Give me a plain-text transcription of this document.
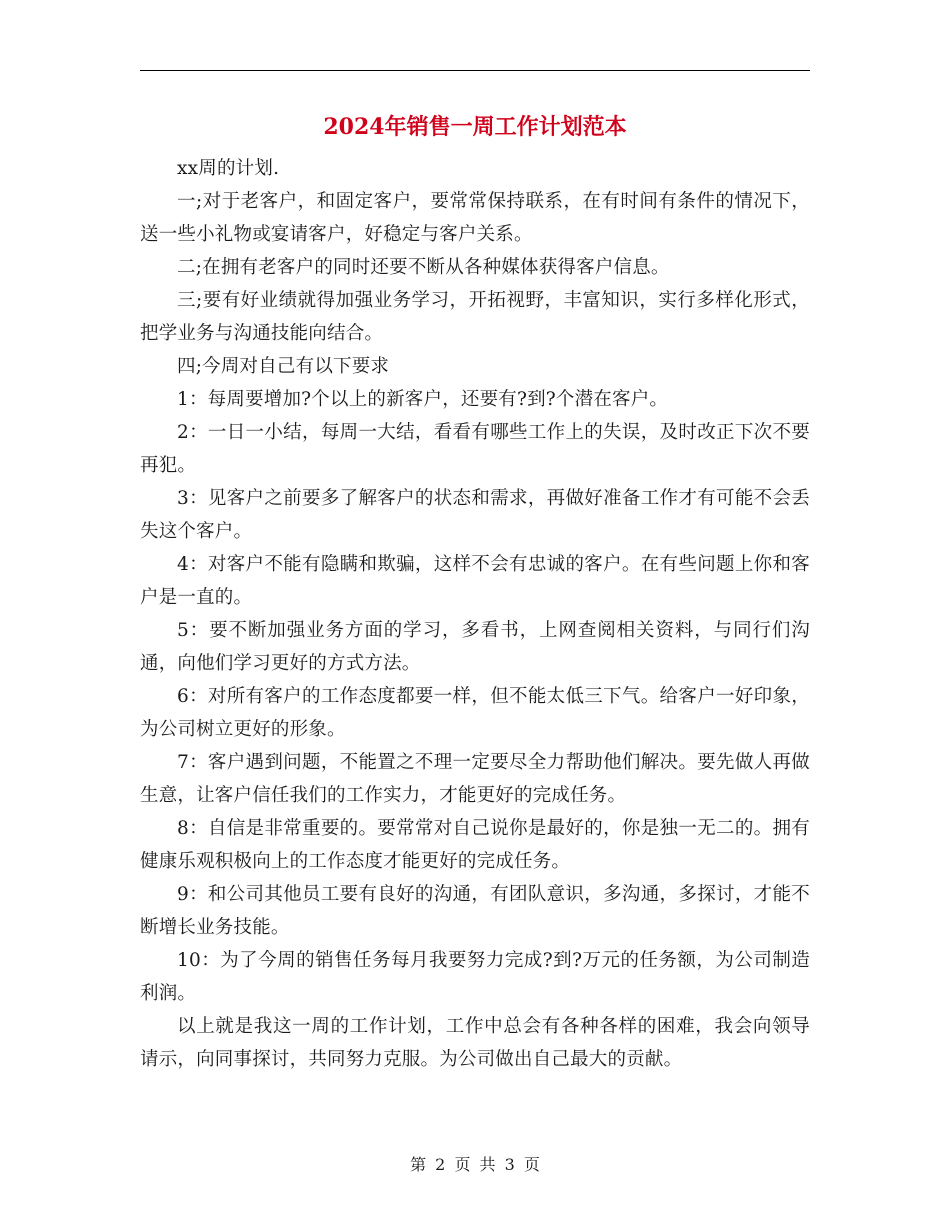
2024年销售一周工作计划范本

xx周的计划.

一;对于老客户，和固定客户，要常常保持联系，在有时间有条件的情况下，送一些小礼物或宴请客户，好稳定与客户关系。

二;在拥有老客户的同时还要不断从各种媒体获得客户信息。

三;要有好业绩就得加强业务学习，开拓视野，丰富知识，实行多样化形式，把学业务与沟通技能向结合。

四;今周对自己有以下要求

1：每周要增加?个以上的新客户，还要有?到?个潜在客户。

2：一日一小结，每周一大结，看看有哪些工作上的失误，及时改正下次不要再犯。

3：见客户之前要多了解客户的状态和需求，再做好准备工作才有可能不会丢失这个客户。

4：对客户不能有隐瞒和欺骗，这样不会有忠诚的客户。在有些问题上你和客户是一直的。

5：要不断加强业务方面的学习，多看书，上网查阅相关资料，与同行们沟通，向他们学习更好的方式方法。

6：对所有客户的工作态度都要一样，但不能太低三下气。给客户一好印象，为公司树立更好的形象。

7：客户遇到问题，不能置之不理一定要尽全力帮助他们解决。要先做人再做生意，让客户信任我们的工作实力，才能更好的完成任务。

8：自信是非常重要的。要常常对自己说你是最好的，你是独一无二的。拥有健康乐观积极向上的工作态度才能更好的完成任务。

9：和公司其他员工要有良好的沟通，有团队意识，多沟通，多探讨，才能不断增长业务技能。

10：为了今周的销售任务每月我要努力完成?到?万元的任务额，为公司制造利润。

以上就是我这一周的工作计划，工作中总会有各种各样的困难，我会向领导请示，向同事探讨，共同努力克服。为公司做出自己最大的贡献。

第 2 页 共 3 页
